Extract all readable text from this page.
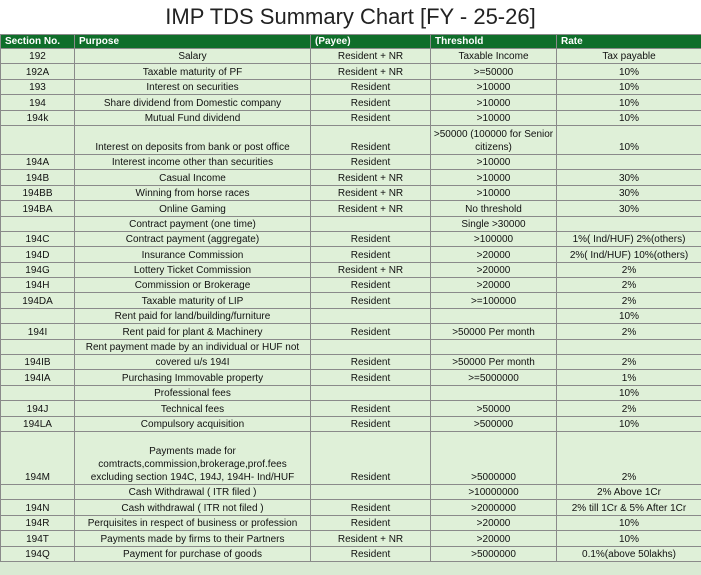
IMP TDS Summary Chart [FY - 25-26]
Section No.	Purpose	(Payee)	Threshold	Rate
192	Salary	Resident + NR	Taxable Income	Tax payable
192A	Taxable maturity of PF	Resident + NR	>=50000	10%
193	Interest on securities	Resident	>10000	10%
194	Share dividend from Domestic company	Resident	>10000	10%
194k	Mutual Fund dividend	Resident	>10000	10%
	Interest on deposits from bank or post office	Resident	>50000 (100000 for Senior citizens)	10%
194A	Interest income other than securities	Resident	>10000	
194B	Casual Income	Resident + NR	>10000	30%
194BB	Winning from horse races	Resident + NR	>10000	30%
194BA	Online Gaming	Resident + NR	No threshold	30%
	Contract payment (one time)		Single >30000	
194C	Contract payment (aggregate)	Resident	>100000	1%( Ind/HUF) 2%(others)
194D	Insurance Commission	Resident	>20000	2%( Ind/HUF) 10%(others)
194G	Lottery Ticket Commission	Resident + NR	>20000	2%
194H	Commission or Brokerage	Resident	>20000	2%
194DA	Taxable maturity of LIP	Resident	>=100000	2%
	Rent paid for land/building/furniture			10%
194I	Rent paid for plant & Machinery	Resident	>50000 Per month	2%
	Rent payment made by an individual or HUF not			
194IB	covered u/s 194I	Resident	>50000 Per month	2%
194IA	Purchasing Immovable property	Resident	>=5000000	1%
	Professional fees			10%
194J	Technical fees	Resident	>50000	2%
194LA	Compulsory acquisition	Resident	>500000	10%
194M	Payments made for comtracts,commission,brokerage,prof.fees excluding section 194C, 194J, 194H- Ind/HUF	Resident	>5000000	2%
	Cash Withdrawal ( ITR filed )		>10000000	2% Above 1Cr
194N	Cash withdrawal ( ITR not filed )	Resident	>2000000	2% till 1Cr & 5% After 1Cr
194R	Perquisites in respect of business or profession	Resident	>20000	10%
194T	Payments made by firms to their Partners	Resident + NR	>20000	10%
194Q	Payment for purchase of goods	Resident	>5000000	0.1%(above 50lakhs)
